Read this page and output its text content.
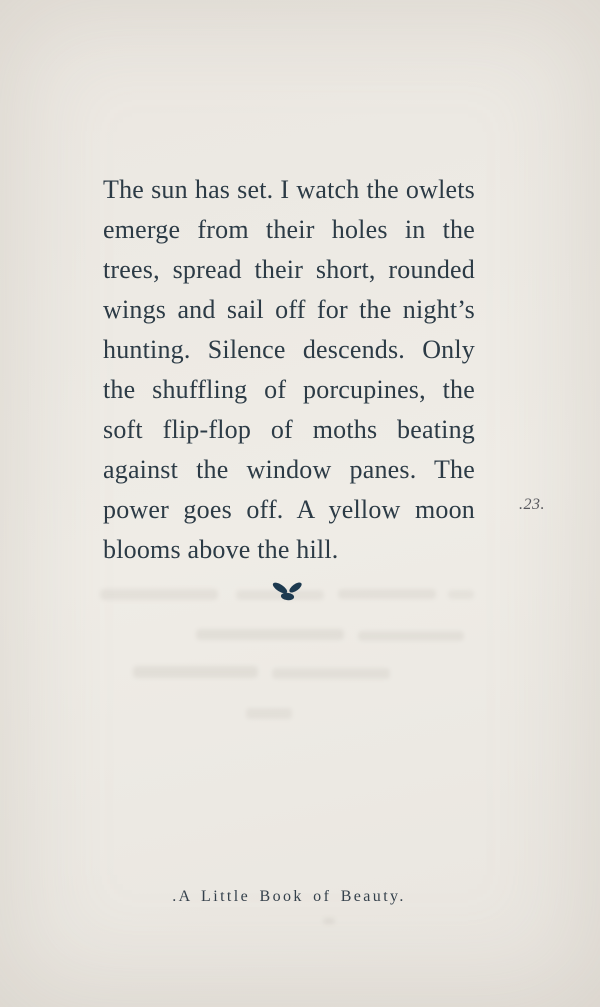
The sun has set. I watch the owlets
emerge from their holes in the
trees, spread their short, rounded
wings and sail off for the night’s
hunting. Silence descends. Only
the shuffling of porcupines, the
soft flip-flop of moths beating
against the window panes. The
power goes off. A yellow moon
blooms above the hill.
.23.
.A Little Book of Beauty.
